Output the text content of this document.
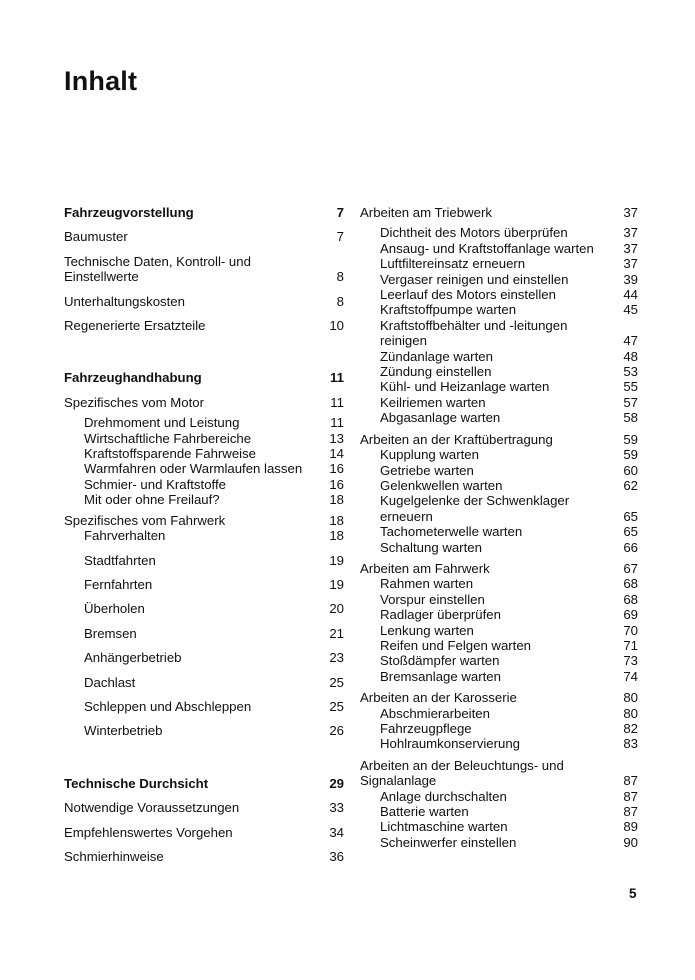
Inhalt
Fahrzeugvorstellung	7
Baumuster	7
Technische Daten, Kontroll- und Einstellwerte	8
Unterhaltungskosten	8
Regenerierte Ersatzteile	10
Fahrzeughandhabung	11
Spezifisches vom Motor	11
Drehmoment und Leistung	11
Wirtschaftliche Fahrbereiche	13
Kraftstoffsparende Fahrweise	14
Warmfahren oder Warmlaufen lassen	16
Schmier- und Kraftstoffe	16
Mit oder ohne Freilauf?	18
Spezifisches vom Fahrwerk	18
Fahrverhalten	18
Stadtfahrten	19
Fernfahrten	19
Überholen	20
Bremsen	21
Anhängerbetrieb	23
Dachlast	25
Schleppen und Abschleppen	25
Winterbetrieb	26
Technische Durchsicht	29
Notwendige Voraussetzungen	33
Empfehlenswertes Vorgehen	34
Schmierhinweise	36
Arbeiten am Triebwerk	37
Dichtheit des Motors überprüfen	37
Ansaug- und Kraftstoffanlage warten	37
Luftfiltereinsatz erneuern	37
Vergaser reinigen und einstellen	39
Leerlauf des Motors einstellen	44
Kraftstoffpumpe warten	45
Kraftstoffbehälter und -leitungen reinigen	47
Zündanlage warten	48
Zündung einstellen	53
Kühl- und Heizanlage warten	55
Keilriemen warten	57
Abgasanlage warten	58
Arbeiten an der Kraftübertragung	59
Kupplung warten	59
Getriebe warten	60
Gelenkwellen warten	62
Kugelgelenke der Schwenklager erneuern	65
Tachometerwelle warten	65
Schaltung warten	66
Arbeiten am Fahrwerk	67
Rahmen warten	68
Vorspur einstellen	68
Radlager überprüfen	69
Lenkung warten	70
Reifen und Felgen warten	71
Stoßdämpfer warten	73
Bremsanlage warten	74
Arbeiten an der Karosserie	80
Abschmierarbeiten	80
Fahrzeugpflege	82
Hohlraumkonservierung	83
Arbeiten an der Beleuchtungs- und Signalanlage	87
Anlage durchschalten	87
Batterie warten	87
Lichtmaschine warten	89
Scheinwerfer einstellen	90
5
